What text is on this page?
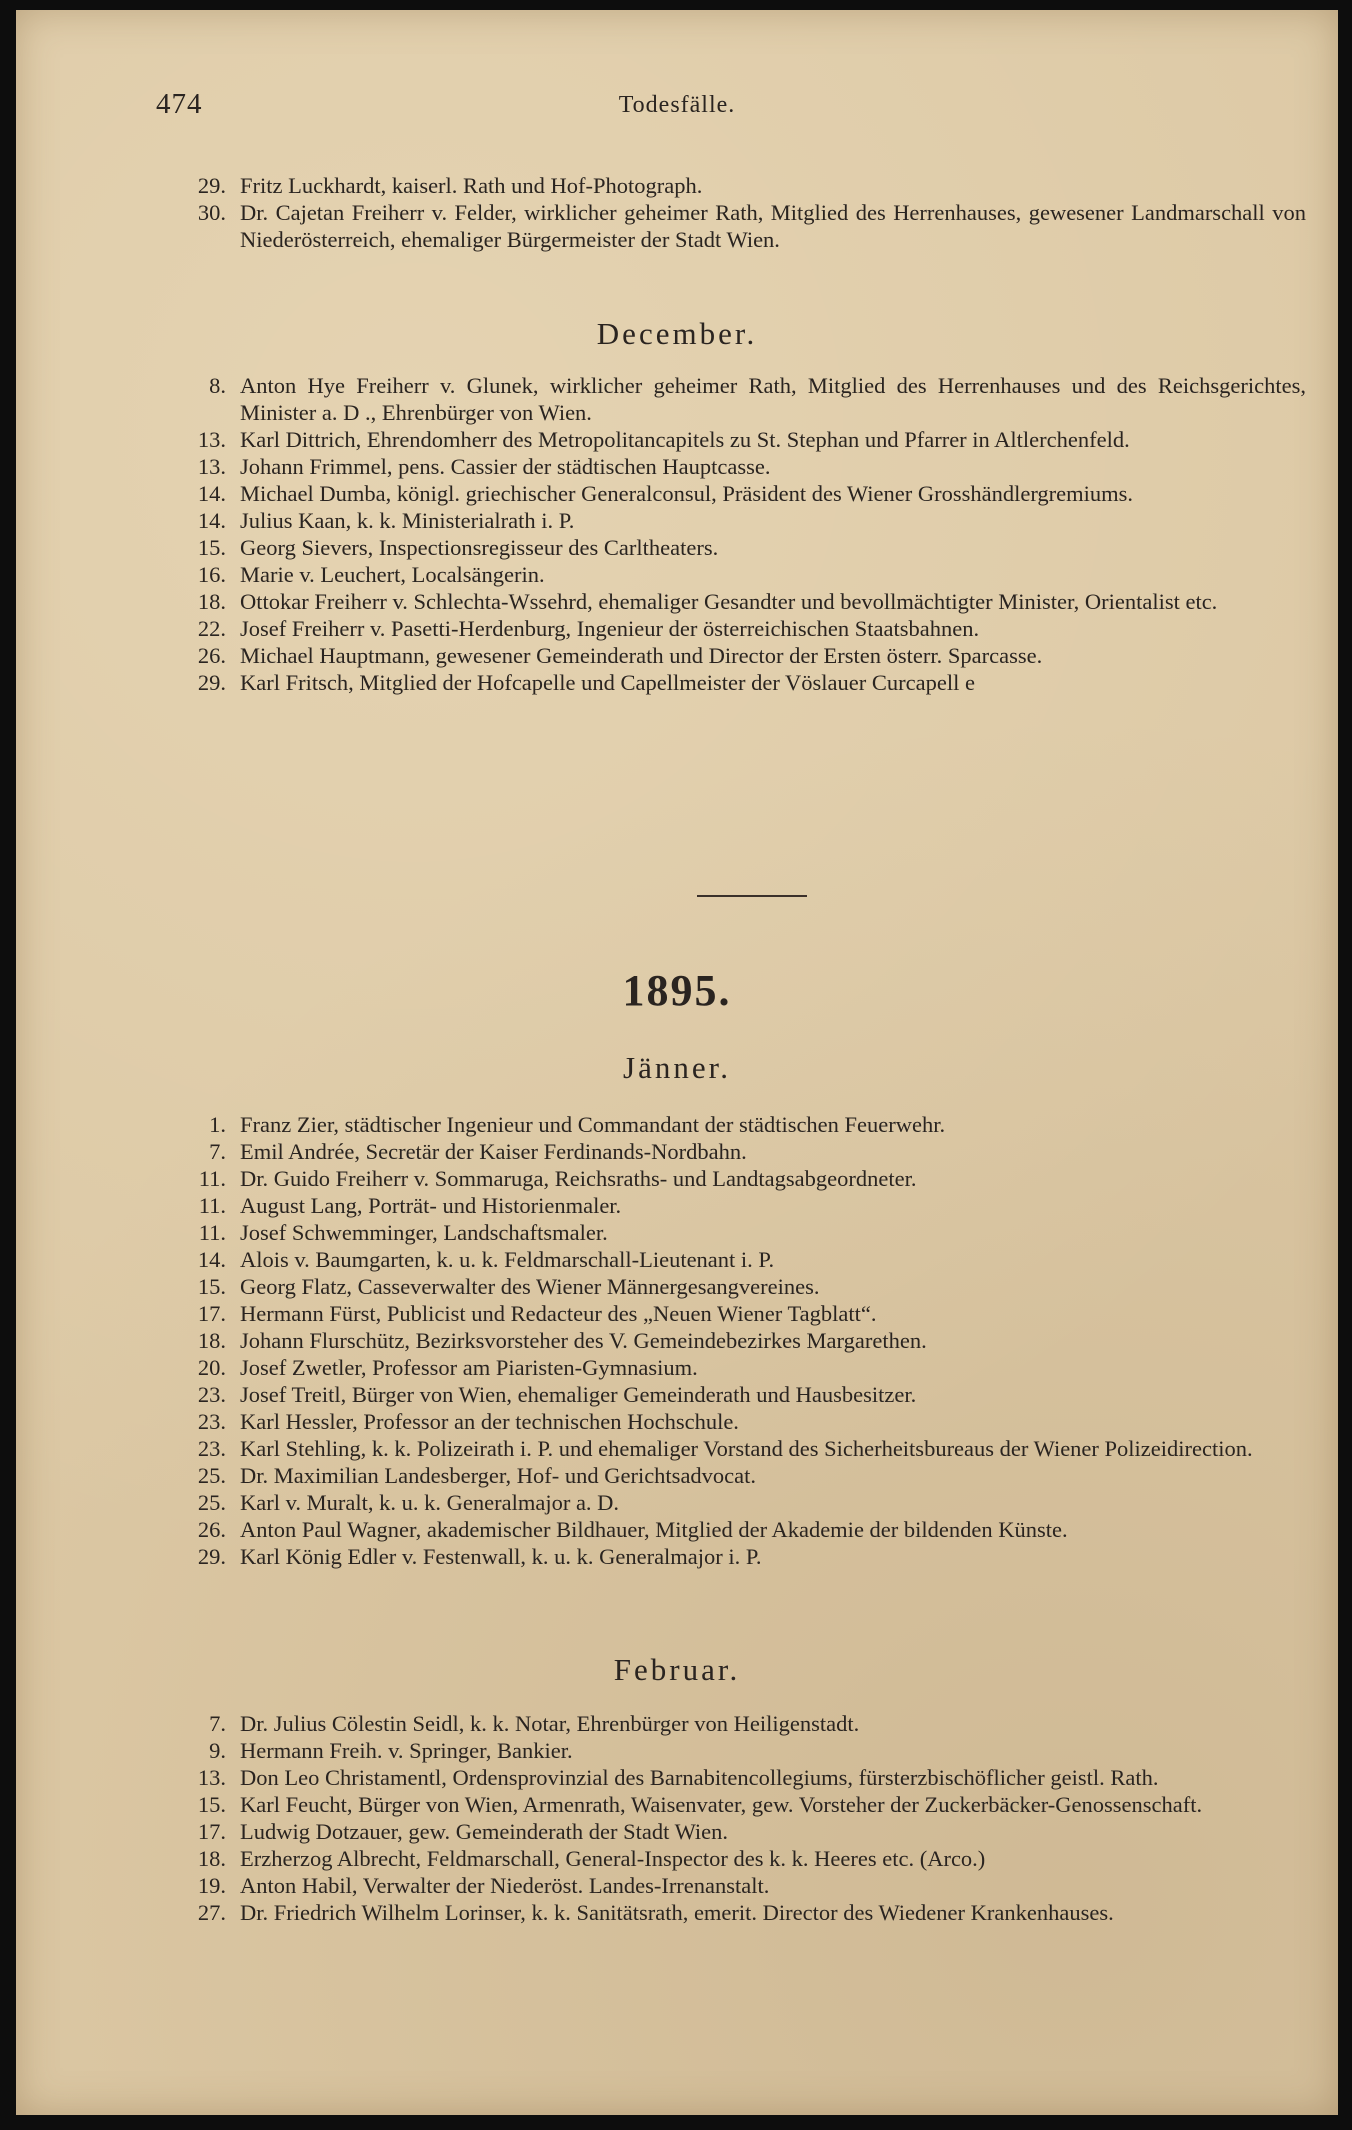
474	Todesfälle.
29. Fritz Luckhardt, kaiserl. Rath und Hof-Photograph.
30. Dr. Cajetan Freiherr v. Felder, wirklicher geheimer Rath, Mitglied des Herrenhauses, gewesener Landmarschall von Niederösterreich, ehemaliger Bürgermeister der Stadt Wien.
December.
8. Anton Hye Freiherr v. Glunek, wirklicher geheimer Rath, Mitglied des Herrenhauses und des Reichsgerichtes, Minister a. D ., Ehrenbürger von Wien.
13. Karl Dittrich, Ehrendomherr des Metropolitancapitels zu St. Stephan und Pfarrer in Altlerchenfeld.
13. Johann Frimmel, pens. Cassier der städtischen Hauptcasse.
14. Michael Dumba, königl. griechischer Generalconsul, Präsident des Wiener Grosshändlergremiums.
14. Julius Kaan, k. k. Ministerialrath i. P.
15. Georg Sievers, Inspectionsregisseur des Carltheaters.
16. Marie v. Leuchert, Localsängerin.
18. Ottokar Freiherr v. Schlechta-Wssehrd, ehemaliger Gesandter und bevollmächtigter Minister, Orientalist etc.
22. Josef Freiherr v. Pasetti-Herdenburg, Ingenieur der österreichischen Staatsbahnen.
26. Michael Hauptmann, gewesener Gemeinderath und Director der Ersten österr. Sparcasse.
29. Karl Fritsch, Mitglied der Hofcapelle und Capellmeister der Vöslauer Curcapell e
1895.
Jänner.
1. Franz Zier, städtischer Ingenieur und Commandant der städtischen Feuerwehr.
7. Emil Andrée, Secretär der Kaiser Ferdinands-Nordbahn.
11. Dr. Guido Freiherr v. Sommaruga, Reichsraths- und Landtagsabgeordneter.
11. August Lang, Porträt- und Historienmaler.
11. Josef Schwemminger, Landschaftsmaler.
14. Alois v. Baumgarten, k. u. k. Feldmarschall-Lieutenant i. P.
15. Georg Flatz, Casseverwalter des Wiener Männergesangvereines.
17. Hermann Fürst, Publicist und Redacteur des „Neuen Wiener Tagblatt“.
18. Johann Flurschütz, Bezirksvorsteher des V. Gemeindebezirkes Margarethen.
20. Josef Zwetler, Professor am Piaristen-Gymnasium.
23. Josef Treitl, Bürger von Wien, ehemaliger Gemeinderath und Hausbesitzer.
23. Karl Hessler, Professor an der technischen Hochschule.
23. Karl Stehling, k. k. Polizeirath i. P. und ehemaliger Vorstand des Sicherheitsbureaus der Wiener Polizeidirection.
25. Dr. Maximilian Landesberger, Hof- und Gerichtsadvocat.
25. Karl v. Muralt, k. u. k. Generalmajor a. D.
26. Anton Paul Wagner, akademischer Bildhauer, Mitglied der Akademie der bildenden Künste.
29. Karl König Edler v. Festenwall, k. u. k. Generalmajor i. P.
Februar.
7. Dr. Julius Cölestin Seidl, k. k. Notar, Ehrenbürger von Heiligenstadt.
9. Hermann Freih. v. Springer, Bankier.
13. Don Leo Christamentl, Ordensprovinzial des Barnabitencollegiums, fürsterzbischöflicher geistl. Rath.
15. Karl Feucht, Bürger von Wien, Armenrath, Waisenvater, gew. Vorsteher der Zuckerbäcker-Genossenschaft.
17. Ludwig Dotzauer, gew. Gemeinderath der Stadt Wien.
18. Erzherzog Albrecht, Feldmarschall, General-Inspector des k. k. Heeres etc. (Arco.)
19. Anton Habil, Verwalter der Niederöst. Landes-Irrenanstalt.
27. Dr. Friedrich Wilhelm Lorinser, k. k. Sanitätsrath, emerit. Director des Wiedener Krankenhauses.
